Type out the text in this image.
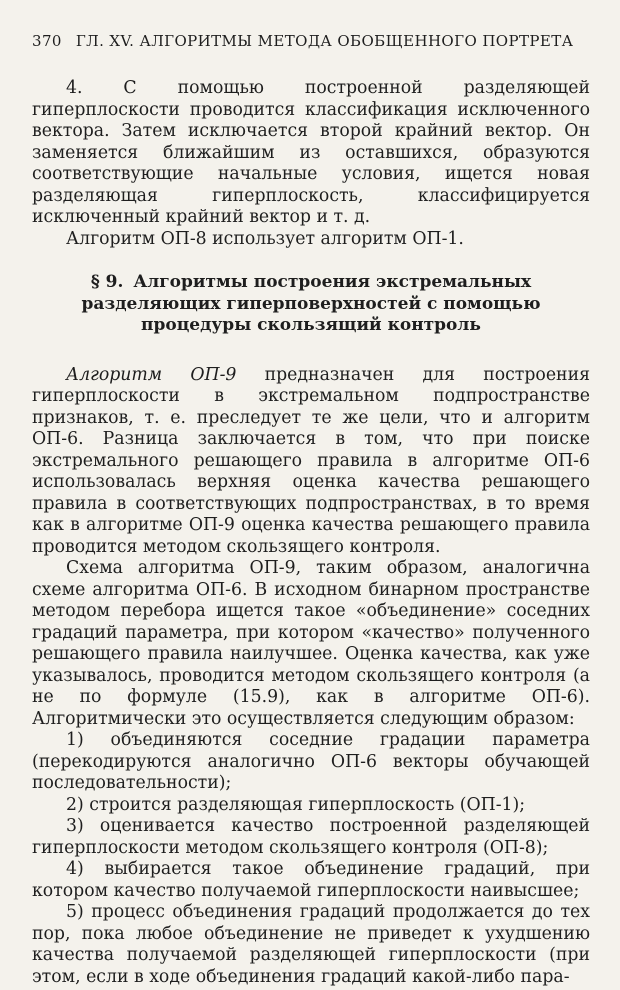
370 ГЛ. XV. АЛГОРИТМЫ МЕТОДА ОБОБЩЕННОГО ПОРТРЕТА

4. С помощью построенной разделяющей гиперплоскости проводится классификация исключенного вектора. Затем исключается второй крайний вектор. Он заменяется ближайшим из оставшихся, образуются соответствующие начальные условия, ищется новая разделяющая гиперплоскость, классифицируется исключенный крайний вектор и т. д.

Алгоритм ОП-8 использует алгоритм ОП-1.

§ 9. Алгоритмы построения экстремальных разделяющих гиперповерхностей с помощью процедуры скользящий контроль

Алгоритм ОП-9 предназначен для построения гиперплоскости в экстремальном подпространстве признаков, т. е. преследует те же цели, что и алгоритм ОП-6. Разница заключается в том, что при поиске экстремального решающего правила в алгоритме ОП-6 использовалась верхняя оценка качества решающего правила в соответствующих подпространствах, в то время как в алгоритме ОП-9 оценка качества решающего правила проводится методом скользящего контроля.

Схема алгоритма ОП-9, таким образом, аналогична схеме алгоритма ОП-6. В исходном бинарном пространстве методом перебора ищется такое «объединение» соседних градаций параметра, при котором «качество» полученного решающего правила наилучшее. Оценка качества, как уже указывалось, проводится методом скользящего контроля (а не по формуле (15.9), как в алгоритме ОП-6). Алгоритмически это осуществляется следующим образом:

1) объединяются соседние градации параметра (перекодируются аналогично ОП-6 векторы обучающей последовательности);

2) строится разделяющая гиперплоскость (ОП-1);

3) оценивается качество построенной разделяющей гиперплоскости методом скользящего контроля (ОП-8);

4) выбирается такое объединение градаций, при котором качество получаемой гиперплоскости наивысшее;

5) процесс объединения градаций продолжается до тех пор, пока любое объединение не приведет к ухудшению качества получаемой разделяющей гиперплоскости (при этом, если в ходе объединения градаций какой-либо пара-
